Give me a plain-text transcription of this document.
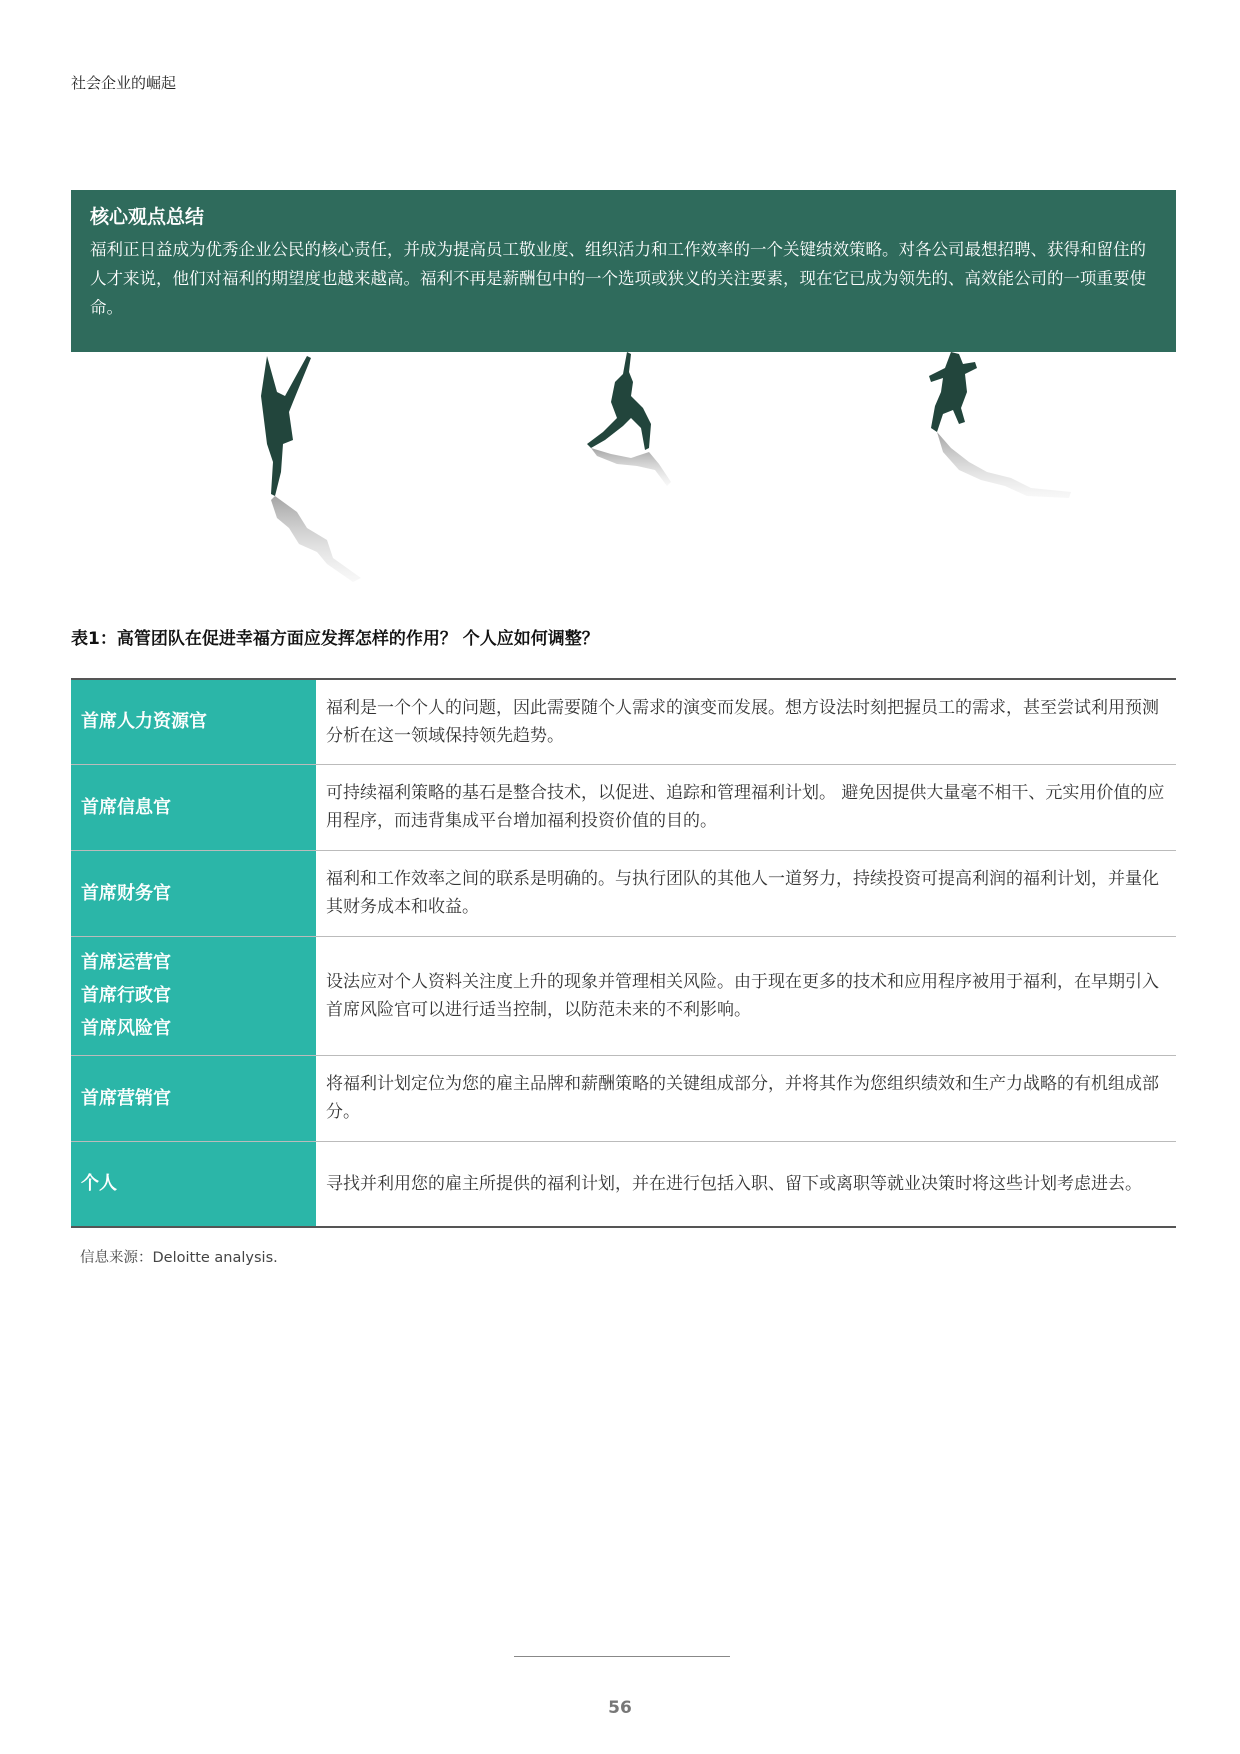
社会企业的崛起

核心观点总结

福利正日益成为优秀企业公民的核心责任，并成为提高员工敬业度、组织活力和工作效率的一个关键绩效策略。对各公司最想招聘、获得和留住的人才来说，他们对福利的期望度也越来越高。福利不再是薪酬包中的一个选项或狭义的关注要素，现在它已成为领先的、高效能公司的一项重要使命。

表1：高管团队在促进幸福方面应发挥怎样的作用？ 个人应如何调整？
首席人力资源官	福利是一个个人的问题，因此需要随个人需求的演变而发展。想方设法时刻把握员工的需求，甚至尝试利用预测分析在这一领域保持领先趋势。

首席信息官	可持续福利策略的基石是整合技术，以促进、追踪和管理福利计划。 避免因提供大量毫不相干、元实用价值的应用程序，而违背集成平台增加福利投资价值的目的。

首席财务官	福利和工作效率之间的联系是明确的。与执行团队的其他人一道努力，持续投资可提高利润的福利计划，并量化其财务成本和收益。

首席运营官
首席行政官
首席风险官	设法应对个人资料关注度上升的现象并管理相关风险。由于现在更多的技术和应用程序被用于福利，在早期引入首席风险官可以进行适当控制，以防范未来的不利影响。

首席营销官	将福利计划定位为您的雇主品牌和薪酬策略的关键组成部分，并将其作为您组织绩效和生产力战略的有机组成部分。

个人	寻找并利用您的雇主所提供的福利计划，并在进行包括入职、留下或离职等就业决策时将这些计划考虑进去。
信息来源：Deloitte analysis.
56
